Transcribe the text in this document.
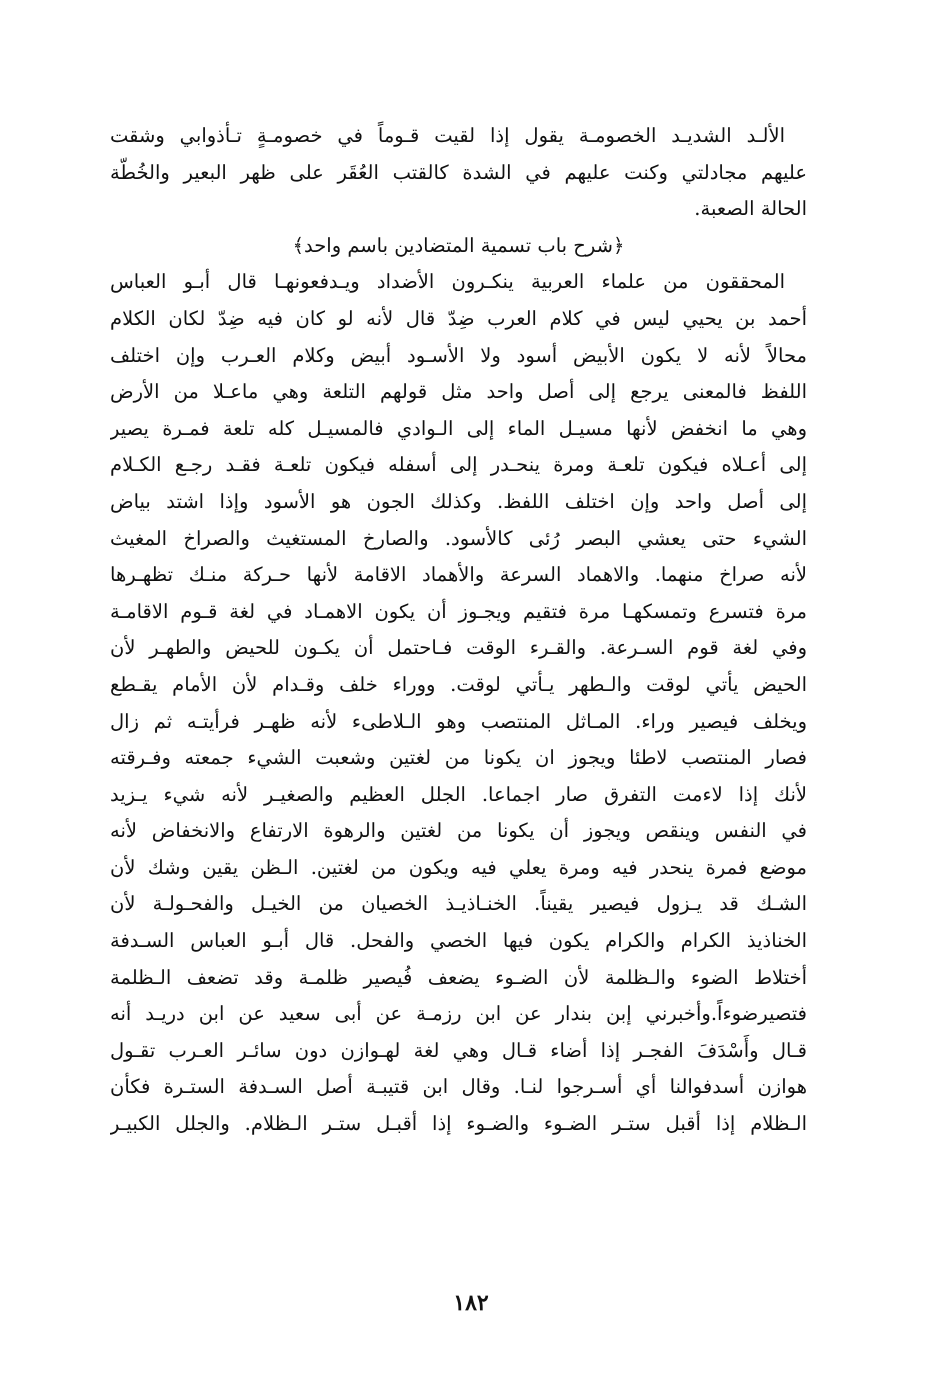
الألـد الشديـد الخصومـة يقول إذا لقيت قـوماً في خصومـةٍ تـأذوابي وشقت
عليهم مجادلتي وكنت عليهم في الشدة كالقتب العُقَر على ظهر البعير والخُطّة
الحالة الصعبة.
﴿شرح باب تسمية المتضادين باسم واحد﴾
المحققون من علماء العربية ينكـرون الأضداد ويـدفعونهـا قال أبـو العباس
أحمد بن يحيي ليس في كلام العرب ضِدّ قال لأنه لو كان فيه ضِدّ لكان الكلام
محالاً لأنه لا يكون الأبيض أسود ولا الأسـود أبيض وكلام العـرب وإن اختلف
اللفظ فالمعنى يرجع إلى أصل واحد مثل قولهم التلعة وهي ماعـلا من الأرض
وهي ما انخفض لأنها مسيـل الماء إلى الـوادي فالمسيـل كله تلعة فمـرة يصير
إلى أعـلاه فيكون تلعـة ومرة ينحـدر إلى أسفله فيكون تلعـة فقـد رجـع الكـلام
إلى أصل واحد وإن اختلف اللفظ. وكذلك الجون هو الأسود وإذا اشتد بياض
الشيء حتى يعشي البصر رُئى كالأسود. والصارخ المستغيث والصراخ المغيث
لأنه صراخ منهما. والاهماد السرعة والأهماد الاقامة لأنها حـركة منـك تظهـرها
مرة فتسرع وتمسكهـا مرة فتقيم ويجـوز أن يكون الاهمـاد في لغة قـوم الاقامـة
وفي لغة قوم السـرعة. والقـرء الوقت فـاحتمل أن يكـون للحيض والطهـر لأن
الحيض يأتي لوقت والـطهر يـأتي لوقت. ووراء خلف وقـدام لأن الأمام يقـطع
ويخلف فيصير وراء. المـاثل المنتصب وهو الـلاطىء لأنه ظهـر فرأيتـه ثم زال
فصار المنتصب لاطئا ويجوز ان يكونا من لغتين وشعبت الشيء جمعته وفـرقته
لأنك إذا لاءمت التفرق صار اجماعا. الجلل العظيم والصغيـر لأنه شيء يـزيد
في النفس وينقص ويجوز أن يكونا من لغتين والرهوة الارتفاع والانخفاض لأنه
موضع فمرة ينحدر فيه ومرة يعلي فيه ويكون من لغتين. الـظن يقين وشك لأن
الشـك قد يـزول فيصير يقيناً. الخنـاذيـذ الخصيان من الخيـل والفحـولـة لأن
الخناذيذ الكرام والكرام يكون فيها الخصي والفحل. قال أبـو العباس السـدفة
أختلاط الضوء والـظلمة لأن الضـوء يضعف فُيصير ظلمـة وقد تضعف الـظلمة
فتصيرضوءاً.وأخبرني إبن بندار عن ابن رزمـة عن أبى سعيد عن ابن دريـد أنه
قـال وأَسْدَفَ الفجـر إذا أضاء قـال وهي لغة لهـوازن دون سائـر العـرب تقـول
هوازن أسدفوالنا أي أسـرجوا لنـا. وقال ابن قتيبـة أصل السـدفة الستـرة فكأن
الـظلام إذا أقبل ستـر الضـوء والضـوء إذا أقبـل ستـر الـظلام. والجلل الكبيـر
١٨٢
